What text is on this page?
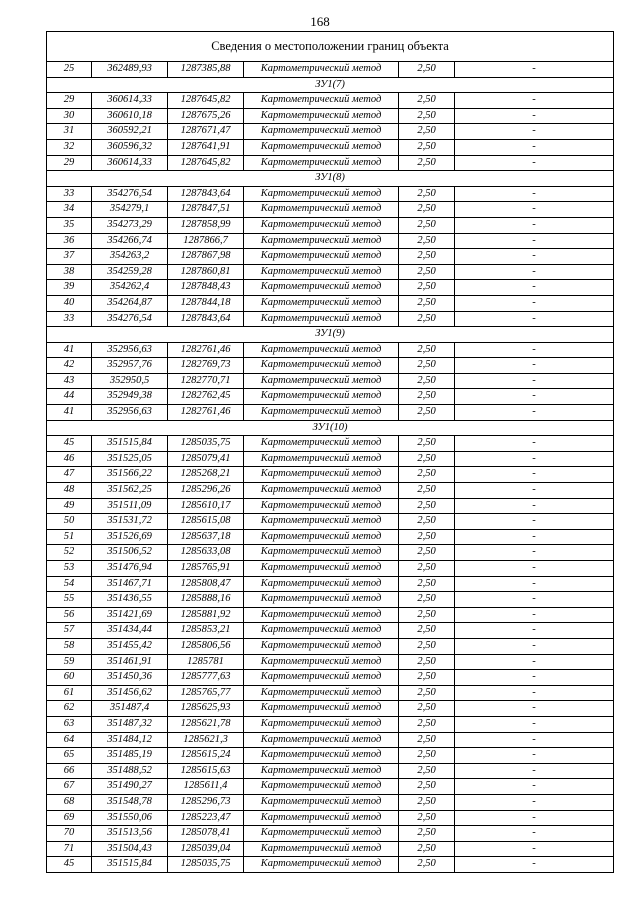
168
Сведения о местоположении границ объекта					
25	362489,93	1287385,88	Картометрический метод	2,50	-
ЗУ1(7)					
29	360614,33	1287645,82	Картометрический метод	2,50	-
30	360610,18	1287675,26	Картометрический метод	2,50	-
31	360592,21	1287671,47	Картометрический метод	2,50	-
32	360596,32	1287641,91	Картометрический метод	2,50	-
29	360614,33	1287645,82	Картометрический метод	2,50	-
ЗУ1(8)					
33	354276,54	1287843,64	Картометрический метод	2,50	-
34	354279,1	1287847,51	Картометрический метод	2,50	-
35	354273,29	1287858,99	Картометрический метод	2,50	-
36	354266,74	1287866,7	Картометрический метод	2,50	-
37	354263,2	1287867,98	Картометрический метод	2,50	-
38	354259,28	1287860,81	Картометрический метод	2,50	-
39	354262,4	1287848,43	Картометрический метод	2,50	-
40	354264,87	1287844,18	Картометрический метод	2,50	-
33	354276,54	1287843,64	Картометрический метод	2,50	-
ЗУ1(9)					
41	352956,63	1282761,46	Картометрический метод	2,50	-
42	352957,76	1282769,73	Картометрический метод	2,50	-
43	352950,5	1282770,71	Картометрический метод	2,50	-
44	352949,38	1282762,45	Картометрический метод	2,50	-
41	352956,63	1282761,46	Картометрический метод	2,50	-
ЗУ1(10)					
45	351515,84	1285035,75	Картометрический метод	2,50	-
46	351525,05	1285079,41	Картометрический метод	2,50	-
47	351566,22	1285268,21	Картометрический метод	2,50	-
48	351562,25	1285296,26	Картометрический метод	2,50	-
49	351511,09	1285610,17	Картометрический метод	2,50	-
50	351531,72	1285615,08	Картометрический метод	2,50	-
51	351526,69	1285637,18	Картометрический метод	2,50	-
52	351506,52	1285633,08	Картометрический метод	2,50	-
53	351476,94	1285765,91	Картометрический метод	2,50	-
54	351467,71	1285808,47	Картометрический метод	2,50	-
55	351436,55	1285888,16	Картометрический метод	2,50	-
56	351421,69	1285881,92	Картометрический метод	2,50	-
57	351434,44	1285853,21	Картометрический метод	2,50	-
58	351455,42	1285806,56	Картометрический метод	2,50	-
59	351461,91	1285781	Картометрический метод	2,50	-
60	351450,36	1285777,63	Картометрический метод	2,50	-
61	351456,62	1285765,77	Картометрический метод	2,50	-
62	351487,4	1285625,93	Картометрический метод	2,50	-
63	351487,32	1285621,78	Картометрический метод	2,50	-
64	351484,12	1285621,3	Картометрический метод	2,50	-
65	351485,19	1285615,24	Картометрический метод	2,50	-
66	351488,52	1285615,63	Картометрический метод	2,50	-
67	351490,27	1285611,4	Картометрический метод	2,50	-
68	351548,78	1285296,73	Картометрический метод	2,50	-
69	351550,06	1285223,47	Картометрический метод	2,50	-
70	351513,56	1285078,41	Картометрический метод	2,50	-
71	351504,43	1285039,04	Картометрический метод	2,50	-
45	351515,84	1285035,75	Картометрический метод	2,50	-
